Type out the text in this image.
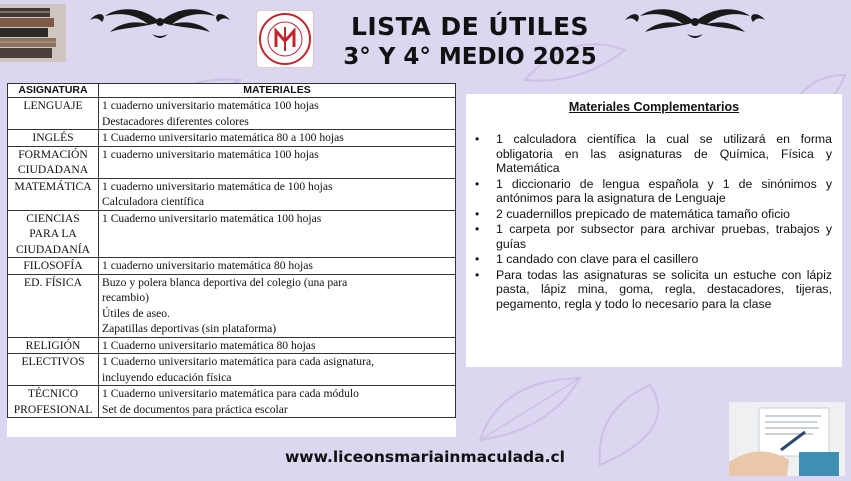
LISTA DE ÚTILES
3° Y 4° MEDIO 2025
ASIGNATURA	MATERIALES

LENGUAJE	1 cuaderno universitario matemática 100 hojas
Destacadores diferentes colores

INGLÉS	1 Cuaderno universitario matemática 80 a 100 hojas

FORMACIÓN
CIUDADANA	1 cuaderno universitario matemática 100 hojas

MATEMÁTICA	1 cuaderno universitario matemática de 100 hojas
Calculadora científica

CIENCIAS
PARA LA
CIUDADANÍA	1 Cuaderno universitario matemática 100 hojas

FILOSOFÍA	1 cuaderno universitario matemática 80 hojas

ED. FÍSICA	Buzo y polera blanca deportiva del colegio (una para
recambio)
Útiles de aseo.
Zapatillas deportivas (sin plataforma)

RELIGIÓN	1 Cuaderno universitario matemática 80 hojas

ELECTIVOS	1 Cuaderno universitario matemática para cada asignatura,
incluyendo educación física

TÉCNICO
PROFESIONAL	1 Cuaderno universitario matemática para cada módulo
Set de documentos para práctica escolar
Materiales Complementarios
• 1 calculadora científica la cual se utilizará en forma obligatoria en las asignaturas de Química, Física y Matemática
• 1 diccionario de lengua española y 1 de sinónimos y antónimos para la asignatura de Lenguaje
• 2 cuadernillos prepicado de matemática tamaño oficio
• 1 carpeta por subsector para archivar pruebas, trabajos y guías
• 1 candado con clave para el casillero
• Para todas las asignaturas se solicita un estuche con lápiz pasta, lápiz mina, goma, regla, destacadores, tijeras, pegamento, regla y todo lo necesario para la clase
www.liceonsmariainmaculada.cl
